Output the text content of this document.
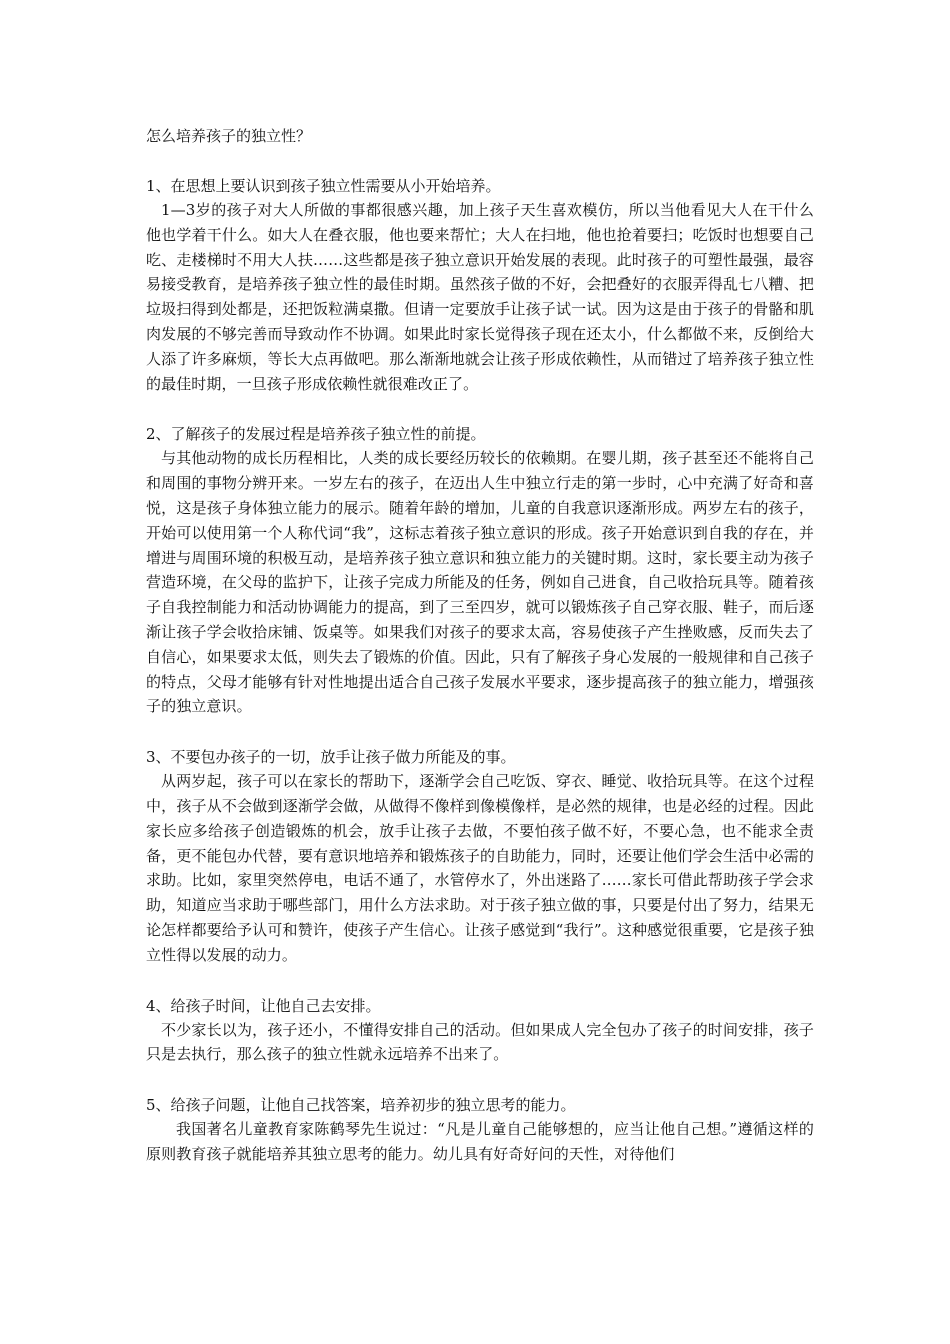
怎么培养孩子的独立性？

1、在思想上要认识到孩子独立性需要从小开始培养。

1—3岁的孩子对大人所做的事都很感兴趣，加上孩子天生喜欢模仿，所以当他看见大人在干什么他也学着干什么。如大人在叠衣服，他也要来帮忙；大人在扫地，他也抢着要扫；吃饭时也想要自己吃、走楼梯时不用大人扶……这些都是孩子独立意识开始发展的表现。此时孩子的可塑性最强，最容易接受教育，是培养孩子独立性的最佳时期。虽然孩子做的不好，会把叠好的衣服弄得乱七八糟、把垃圾扫得到处都是，还把饭粒满桌撒。但请一定要放手让孩子试一试。因为这是由于孩子的骨骼和肌肉发展的不够完善而导致动作不协调。如果此时家长觉得孩子现在还太小，什么都做不来，反倒给大人添了许多麻烦，等长大点再做吧。那么渐渐地就会让孩子形成依赖性，从而错过了培养孩子独立性的最佳时期，一旦孩子形成依赖性就很难改正了。

2、了解孩子的发展过程是培养孩子独立性的前提。

与其他动物的成长历程相比，人类的成长要经历较长的依赖期。在婴儿期，孩子甚至还不能将自己和周围的事物分辨开来。一岁左右的孩子，在迈出人生中独立行走的第一步时，心中充满了好奇和喜悦，这是孩子身体独立能力的展示。随着年龄的增加，儿童的自我意识逐渐形成。两岁左右的孩子，开始可以使用第一个人称代词“我”，这标志着孩子独立意识的形成。孩子开始意识到自我的存在，并增进与周围环境的积极互动，是培养孩子独立意识和独立能力的关键时期。这时，家长要主动为孩子营造环境，在父母的监护下，让孩子完成力所能及的任务，例如自己进食，自己收拾玩具等。随着孩子自我控制能力和活动协调能力的提高，到了三至四岁，就可以锻炼孩子自己穿衣服、鞋子，而后逐渐让孩子学会收拾床铺、饭桌等。如果我们对孩子的要求太高，容易使孩子产生挫败感，反而失去了自信心，如果要求太低，则失去了锻炼的价值。因此，只有了解孩子身心发展的一般规律和自己孩子的特点，父母才能够有针对性地提出适合自己孩子发展水平要求，逐步提高孩子的独立能力，增强孩子的独立意识。

3、不要包办孩子的一切，放手让孩子做力所能及的事。

从两岁起，孩子可以在家长的帮助下，逐渐学会自己吃饭、穿衣、睡觉、收拾玩具等。在这个过程中，孩子从不会做到逐渐学会做，从做得不像样到像模像样，是必然的规律，也是必经的过程。因此家长应多给孩子创造锻炼的机会，放手让孩子去做，不要怕孩子做不好，不要心急，也不能求全责备，更不能包办代替，要有意识地培养和锻炼孩子的自助能力，同时，还要让他们学会生活中必需的求助。比如，家里突然停电，电话不通了，水管停水了，外出迷路了……家长可借此帮助孩子学会求助，知道应当求助于哪些部门，用什么方法求助。对于孩子独立做的事，只要是付出了努力，结果无论怎样都要给予认可和赞许，使孩子产生信心。让孩子感觉到“我行”。这种感觉很重要，它是孩子独立性得以发展的动力。

4、给孩子时间，让他自己去安排。

不少家长以为，孩子还小，不懂得安排自己的活动。但如果成人完全包办了孩子的时间安排，孩子只是去执行，那么孩子的独立性就永远培养不出来了。

5、给孩子问题，让他自己找答案，培养初步的独立思考的能力。

我国著名儿童教育家陈鹤琴先生说过：“凡是儿童自己能够想的，应当让他自己想。”遵循这样的原则教育孩子就能培养其独立思考的能力。幼儿具有好奇好问的天性，对待他们
